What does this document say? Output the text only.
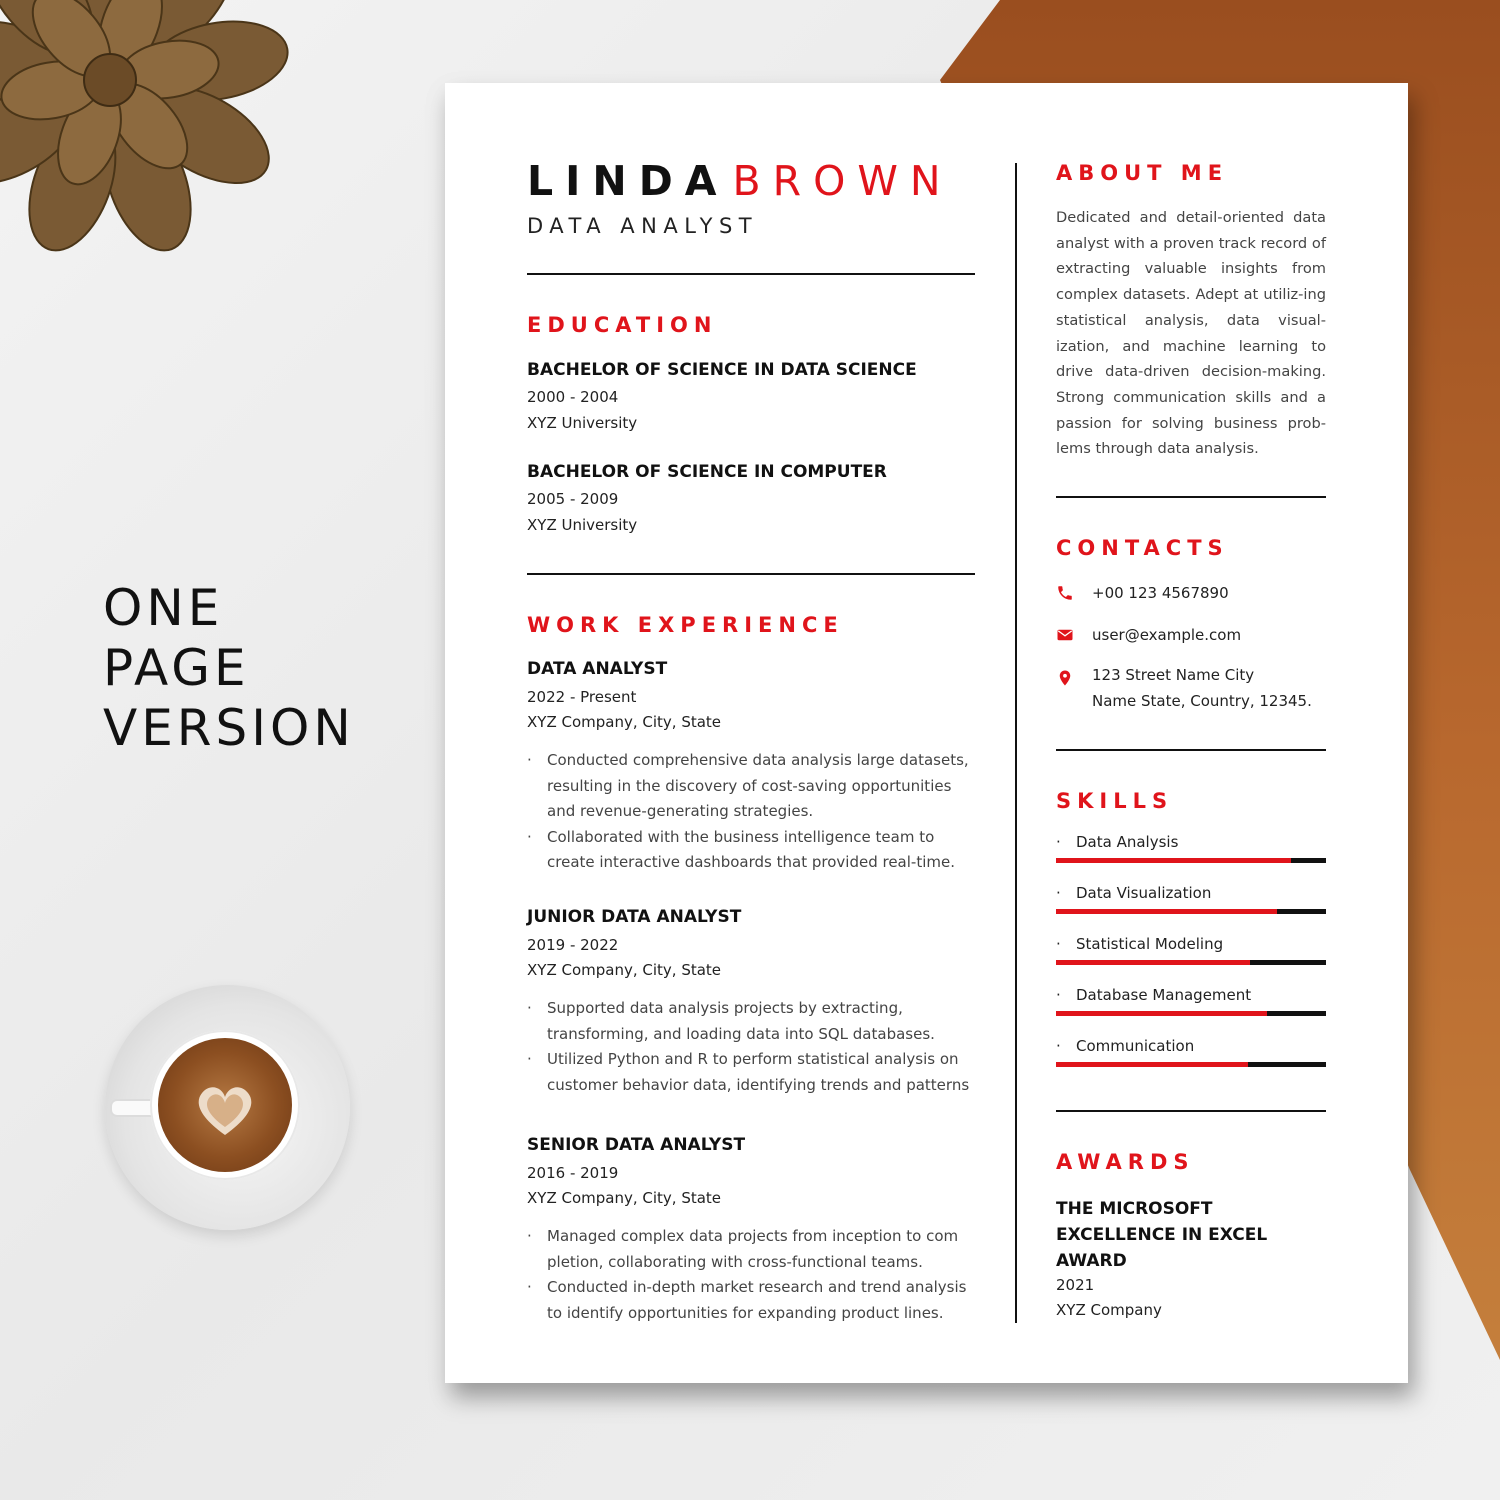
ONE
PAGE
VERSION
LINDABROWN
DATA ANALYST
EDUCATION
BACHELOR OF SCIENCE IN DATA SCIENCE
2000 - 2004
XYZ University
BACHELOR OF SCIENCE IN COMPUTER
2005 - 2009
XYZ University
WORK EXPERIENCE
DATA ANALYST
2022 - Present
XYZ Company, City, State
· Conducted comprehensive data analysis large datasets, resulting in the discovery of cost-saving opportunities and revenue-generating strategies.
· Collaborated with the business intelligence team to create interactive dashboards that provided real-time.
JUNIOR DATA ANALYST
2019 - 2022
XYZ Company, City, State
· Supported data analysis projects by extracting, transforming, and loading data into SQL databases.
· Utilized Python and R to perform statistical analysis on customer behavior data, identifying trends and patterns
SENIOR DATA ANALYST
2016 - 2019
XYZ Company, City, State
· Managed complex data projects from inception to com pletion, collaborating with cross-functional teams.
· Conducted in-depth market research and trend analysis to identify opportunities for expanding product lines.
ABOUT ME

Dedicated and detail-oriented data analyst with a proven track record of extracting valuable insights from complex datasets. Adept at utiliz-ing statistical analysis, data visual-ization, and machine learning to drive data-driven decision-making. Strong communication skills and a passion for solving business prob-lems through data analysis.

CONTACTS
+00 123 4567890
user@example.com
123 Street Name City
Name State, Country, 12345.
SKILLS
· Data Analysis
· Data Visualization
· Statistical Modeling
· Database Management
· Communication
AWARDS
THE MICROSOFT EXCELLENCE IN EXCEL AWARD
2021
XYZ Company
